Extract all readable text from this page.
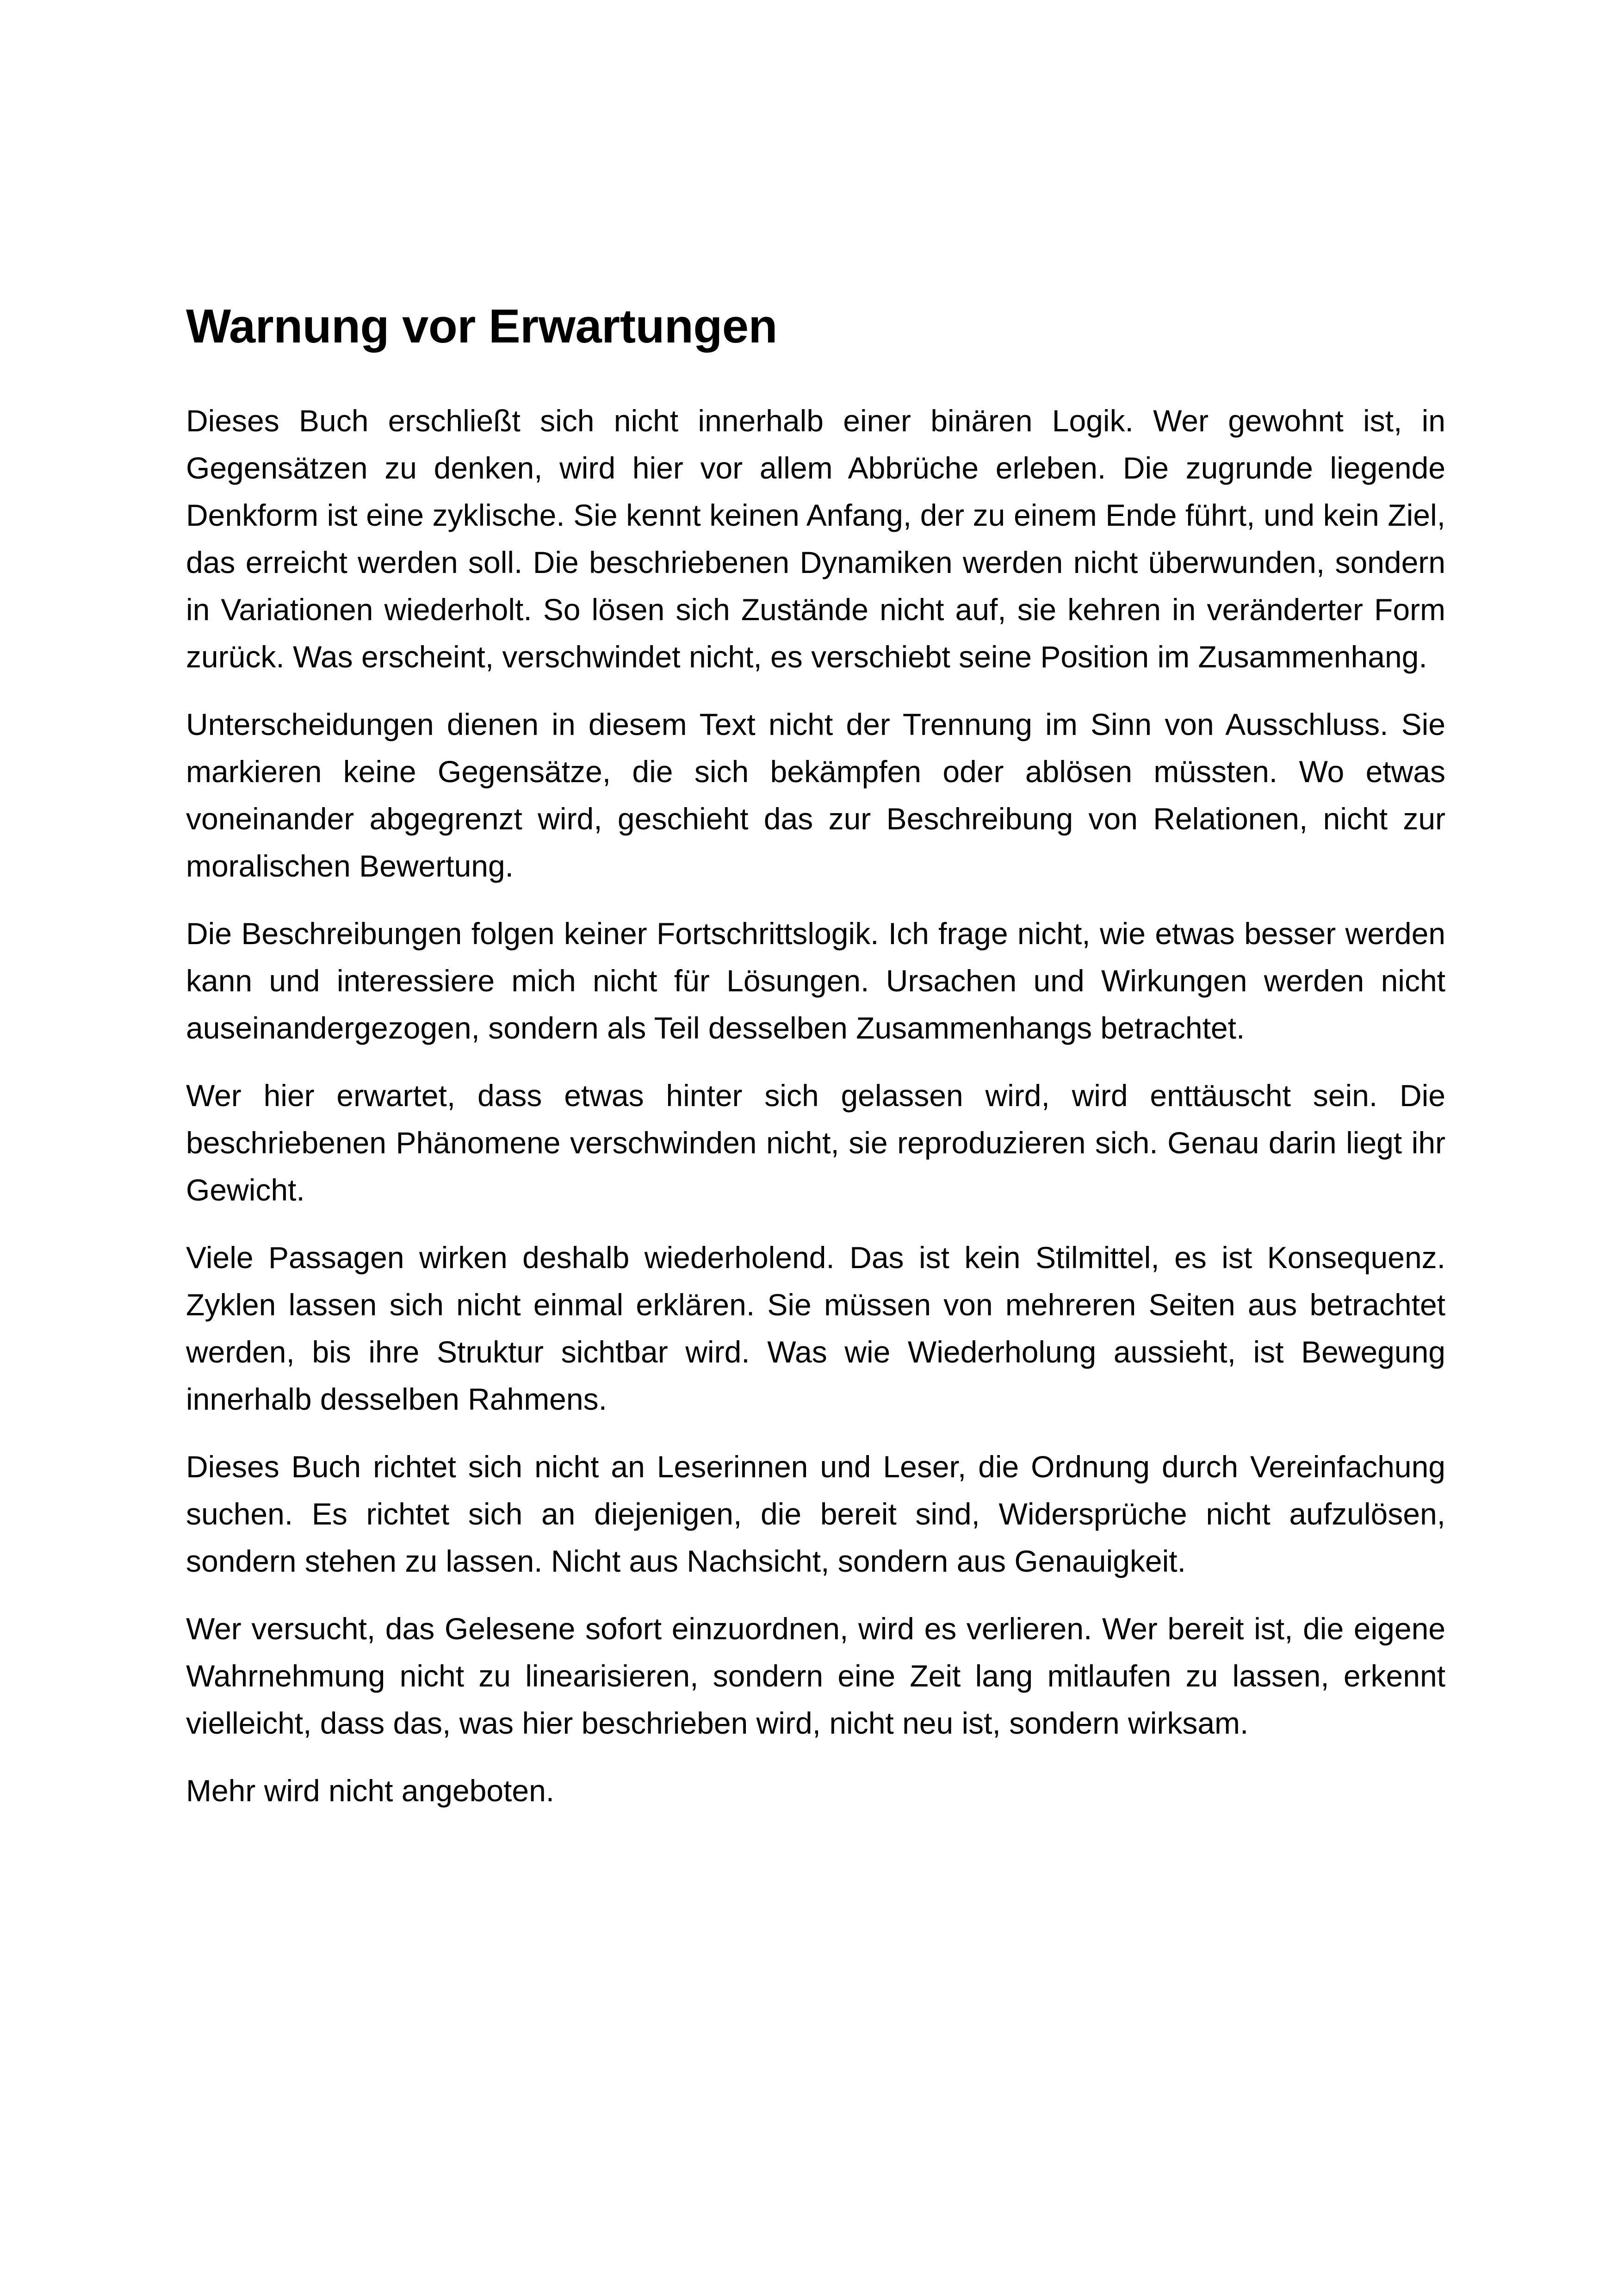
Warnung vor Erwartungen

Dieses Buch erschließt sich nicht innerhalb einer binären Logik. Wer gewohnt ist, in Gegensätzen zu denken, wird hier vor allem Abbrüche erleben. Die zugrunde liegende Denkform ist eine zyklische. Sie kennt keinen Anfang, der zu einem Ende führt, und kein Ziel, das erreicht werden soll. Die beschriebenen Dynamiken werden nicht überwunden, sondern in Variationen wiederholt. So lösen sich Zustände nicht auf, sie kehren in veränderter Form zurück. Was erscheint, verschwindet nicht, es verschiebt seine Position im Zusammenhang.

Unterscheidungen dienen in diesem Text nicht der Trennung im Sinn von Ausschluss. Sie markieren keine Gegensätze, die sich bekämpfen oder ablösen müssten. Wo etwas voneinander abgegrenzt wird, geschieht das zur Beschreibung von Relationen, nicht zur moralischen Bewertung.

Die Beschreibungen folgen keiner Fortschrittslogik. Ich frage nicht, wie etwas besser werden kann und interessiere mich nicht für Lösungen. Ursachen und Wirkungen werden nicht auseinandergezogen, sondern als Teil desselben Zusammenhangs betrachtet.

Wer hier erwartet, dass etwas hinter sich gelassen wird, wird enttäuscht sein. Die beschriebenen Phänomene verschwinden nicht, sie reproduzieren sich. Genau darin liegt ihr Gewicht.

Viele Passagen wirken deshalb wiederholend. Das ist kein Stilmittel, es ist Konsequenz. Zyklen lassen sich nicht einmal erklären. Sie müssen von mehreren Seiten aus betrachtet werden, bis ihre Struktur sichtbar wird. Was wie Wiederholung aussieht, ist Bewegung innerhalb desselben Rahmens.

Dieses Buch richtet sich nicht an Leserinnen und Leser, die Ordnung durch Vereinfachung suchen. Es richtet sich an diejenigen, die bereit sind, Widersprüche nicht aufzulösen, sondern stehen zu lassen. Nicht aus Nachsicht, sondern aus Genauigkeit.

Wer versucht, das Gelesene sofort einzuordnen, wird es verlieren. Wer bereit ist, die eigene Wahrnehmung nicht zu linearisieren, sondern eine Zeit lang mitlaufen zu lassen, erkennt vielleicht, dass das, was hier beschrieben wird, nicht neu ist, sondern wirksam.

Mehr wird nicht angeboten.
